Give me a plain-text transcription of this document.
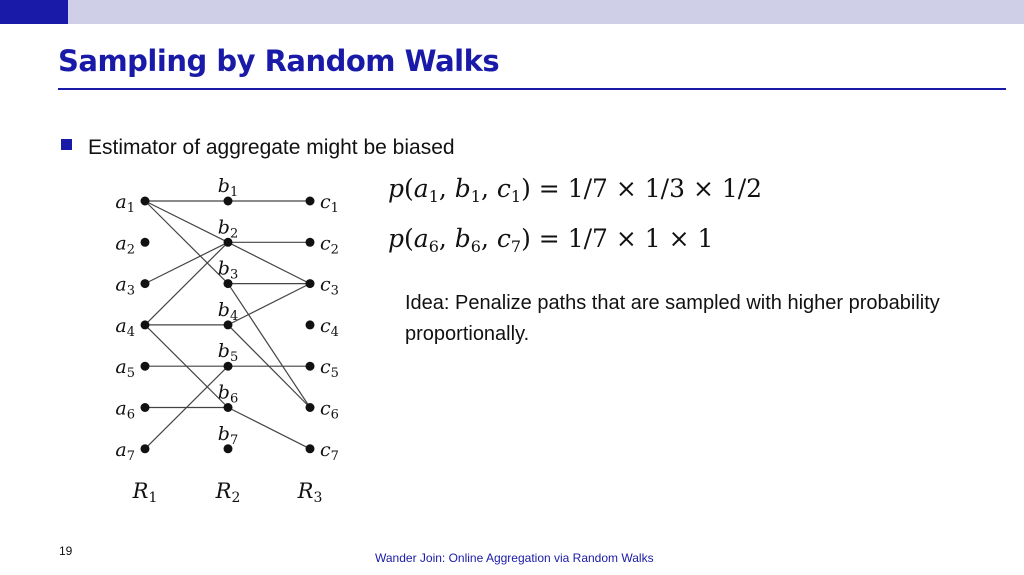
Sampling by Random Walks
Estimator of aggregate might be biased
$a_1$
$a_2$
$a_3$
$a_4$
$a_5$
$a_6$
$a_7$
$b_1$
$b_2$
$b_3$
$b_4$
$b_5$
$b_6$
$b_7$
$c_1$
$c_2$
$c_3$
$c_4$
$c_5$
$c_6$
$c_7$
R1	R2	R3
$p(a_1$, $b_1$, $c_1) = 1/7 \times 1/3 \times 1/2$
$p(a_6$, $b_6$, $c_7) = 1/7 \times 1 \times 1$
Idea: Penalize paths that are sampled with higher probability proportionally.
19	Wander Join: Online Aggregation via Random Walks
